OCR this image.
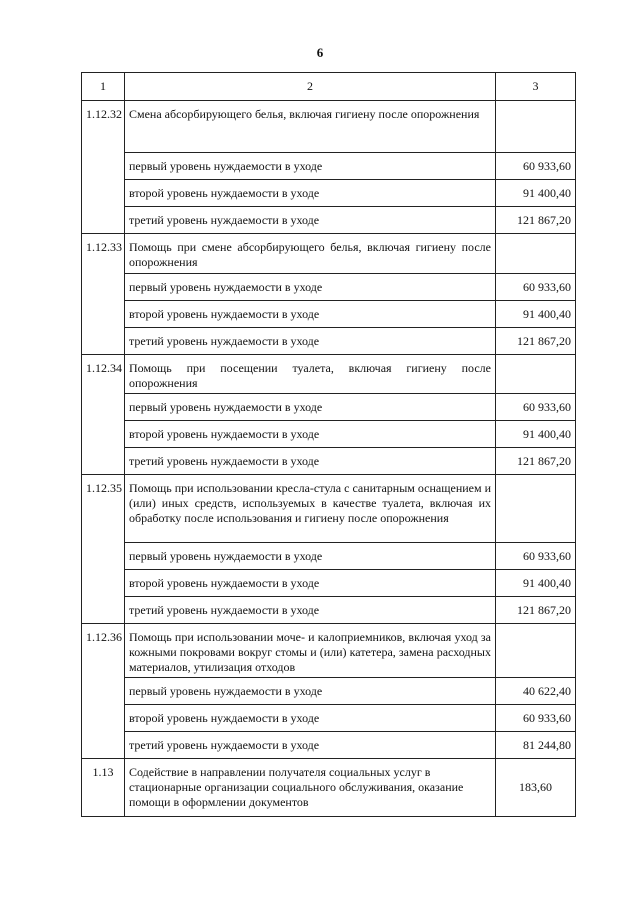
6
1	2	3
1.12.32	Смена абсорбирующего белья, включая гигиену после опорожнения	
	первый уровень нуждаемости в уходе	60 933,60
	второй уровень нуждаемости в уходе	91 400,40
	третий уровень нуждаемости в уходе	121 867,20
1.12.33	Помощь при смене абсорбирующего белья, включая гигиену после опорожнения	
	первый уровень нуждаемости в уходе	60 933,60
	второй уровень нуждаемости в уходе	91 400,40
	третий уровень нуждаемости в уходе	121 867,20
1.12.34	Помощь при посещении туалета, включая гигиену после опорожнения	
	первый уровень нуждаемости в уходе	60 933,60
	второй уровень нуждаемости в уходе	91 400,40
	третий уровень нуждаемости в уходе	121 867,20
1.12.35	Помощь при использовании кресла-стула с санитарным оснащением и (или) иных средств, используемых в качестве туалета, включая их обработку после использования и гигиену после опорожнения	
	первый уровень нуждаемости в уходе	60 933,60
	второй уровень нуждаемости в уходе	91 400,40
	третий уровень нуждаемости в уходе	121 867,20
1.12.36	Помощь при использовании моче- и калоприемников, включая уход за кожными покровами вокруг стомы и (или) катетера, замена расходных материалов, утилизация отходов	
	первый уровень нуждаемости в уходе	40 622,40
	второй уровень нуждаемости в уходе	60 933,60
	третий уровень нуждаемости в уходе	81 244,80
1.13	Содействие в направлении получателя социальных услуг в стационарные организации социального обслуживания, оказание помощи в оформлении документов	183,60
